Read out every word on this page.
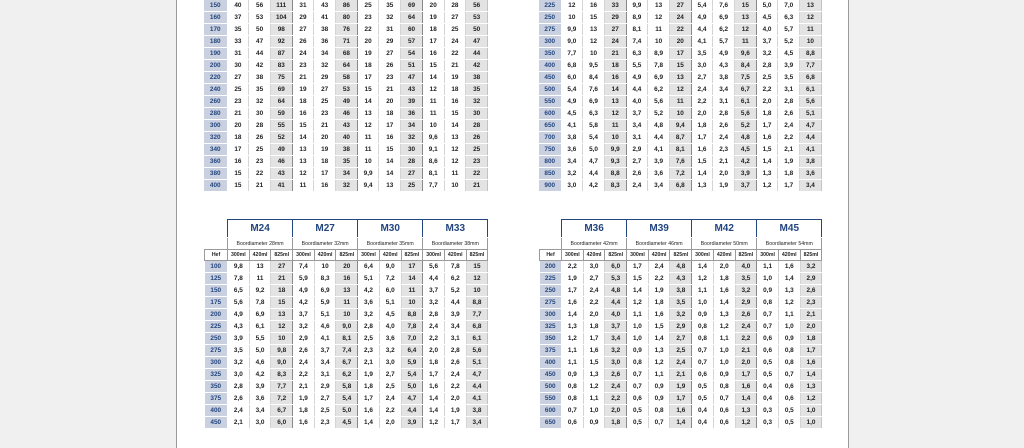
150	40	56	111	31	43	86	25	35	69	20	28	56
160	37	53	104	29	41	80	23	32	64	19	27	53
170	35	50	98	27	38	76	22	31	60	18	25	50
180	33	47	92	26	36	71	20	29	57	17	24	47
190	31	44	87	24	34	68	19	27	54	16	22	44
200	30	42	83	23	32	64	18	26	51	15	21	42
220	27	38	75	21	29	58	17	23	47	14	19	38
240	25	35	69	19	27	53	15	21	43	12	18	35
260	23	32	64	18	25	49	14	20	39	11	16	32
280	21	30	59	16	23	46	13	18	36	11	15	30
300	20	28	55	15	21	43	12	17	34	10	14	28
320	18	26	52	14	20	40	11	16	32	9,6	13	26
340	17	25	49	13	19	38	11	15	30	9,1	12	25
360	16	23	46	13	18	35	10	14	28	8,6	12	23
380	15	22	43	12	17	34	9,9	14	27	8,1	11	22
400	15	21	41	11	16	32	9,4	13	25	7,7	10	21

225	12	16	33	9,9	13	27	5,4	7,6	15	5,0	7,0	13
250	10	15	29	8,9	12	24	4,9	6,9	13	4,5	6,3	12
275	9,9	13	27	8,1	11	22	4,4	6,2	12	4,0	5,7	11
300	9,0	12	24	7,4	10	20	4,1	5,7	11	3,7	5,2	10
350	7,7	10	21	6,3	8,9	17	3,5	4,9	9,6	3,2	4,5	8,8
400	6,8	9,5	18	5,5	7,8	15	3,0	4,3	8,4	2,8	3,9	7,7
450	6,0	8,4	16	4,9	6,9	13	2,7	3,8	7,5	2,5	3,5	6,8
500	5,4	7,6	14	4,4	6,2	12	2,4	3,4	6,7	2,2	3,1	6,1
550	4,9	6,9	13	4,0	5,6	11	2,2	3,1	6,1	2,0	2,8	5,6
600	4,5	6,3	12	3,7	5,2	10	2,0	2,8	5,6	1,8	2,6	5,1
650	4,1	5,8	11	3,4	4,8	9,4	1,8	2,6	5,2	1,7	2,4	4,7
700	3,8	5,4	10	3,1	4,4	8,7	1,7	2,4	4,8	1,6	2,2	4,4
750	3,6	5,0	9,9	2,9	4,1	8,1	1,6	2,3	4,5	1,5	2,1	4,1
800	3,4	4,7	9,3	2,7	3,9	7,6	1,5	2,1	4,2	1,4	1,9	3,8
850	3,2	4,4	8,8	2,6	3,6	7,2	1,4	2,0	3,9	1,3	1,8	3,6
900	3,0	4,2	8,3	2,4	3,4	6,8	1,3	1,9	3,7	1,2	1,7	3,4
	M24			M27			M30			M33		
	Boordiameter 28mm			Boordiameter 32mm			Boordiameter 35mm			Boordiameter 38mm		
Hef	300ml	420ml	825ml	300ml	420ml	825ml	300ml	420ml	825ml	300ml	420ml	825ml
100	9,8	13	27	7,4	10	20	6,4	9,0	17	5,6	7,8	15
125	7,8	11	21	5,9	8,3	16	5,1	7,2	14	4,4	6,2	12
150	6,5	9,2	18	4,9	6,9	13	4,2	6,0	11	3,7	5,2	10
175	5,6	7,8	15	4,2	5,9	11	3,6	5,1	10	3,2	4,4	8,8
200	4,9	6,9	13	3,7	5,1	10	3,2	4,5	8,8	2,8	3,9	7,7
225	4,3	6,1	12	3,2	4,6	9,0	2,8	4,0	7,8	2,4	3,4	6,8
250	3,9	5,5	10	2,9	4,1	8,1	2,5	3,6	7,0	2,2	3,1	6,1
275	3,5	5,0	9,8	2,6	3,7	7,4	2,3	3,2	6,4	2,0	2,8	5,6
300	3,2	4,6	9,0	2,4	3,4	6,7	2,1	3,0	5,9	1,8	2,6	5,1
325	3,0	4,2	8,3	2,2	3,1	6,2	1,9	2,7	5,4	1,7	2,4	4,7
350	2,8	3,9	7,7	2,1	2,9	5,8	1,8	2,5	5,0	1,6	2,2	4,4
375	2,6	3,6	7,2	1,9	2,7	5,4	1,7	2,4	4,7	1,4	2,0	4,1
400	2,4	3,4	6,7	1,8	2,5	5,0	1,6	2,2	4,4	1,4	1,9	3,8
450	2,1	3,0	6,0	1,6	2,3	4,5	1,4	2,0	3,9	1,2	1,7	3,4
	M36			M39			M42			M45		
	Boordiameter 42mm			Boordiameter 46mm			Boordiameter 50mm			Boordiameter 54mm		
Hef	300ml	420ml	825ml	300ml	420ml	825ml	300ml	420ml	825ml	300ml	420ml	825ml
200	2,2	3,0	6,0	1,7	2,4	4,8	1,4	2,0	4,0	1,1	1,6	3,2
225	1,9	2,7	5,3	1,5	2,2	4,3	1,2	1,8	3,5	1,0	1,4	2,9
250	1,7	2,4	4,8	1,4	1,9	3,8	1,1	1,6	3,2	0,9	1,3	2,6
275	1,6	2,2	4,4	1,2	1,8	3,5	1,0	1,4	2,9	0,8	1,2	2,3
300	1,4	2,0	4,0	1,1	1,6	3,2	0,9	1,3	2,6	0,7	1,1	2,1
325	1,3	1,8	3,7	1,0	1,5	2,9	0,8	1,2	2,4	0,7	1,0	2,0
350	1,2	1,7	3,4	1,0	1,4	2,7	0,8	1,1	2,2	0,6	0,9	1,8
375	1,1	1,6	3,2	0,9	1,3	2,5	0,7	1,0	2,1	0,6	0,8	1,7
400	1,1	1,5	3,0	0,8	1,2	2,4	0,7	1,0	2,0	0,5	0,8	1,6
450	0,9	1,3	2,6	0,7	1,1	2,1	0,6	0,9	1,7	0,5	0,7	1,4
500	0,8	1,2	2,4	0,7	0,9	1,9	0,5	0,8	1,6	0,4	0,6	1,3
550	0,8	1,1	2,2	0,6	0,9	1,7	0,5	0,7	1,4	0,4	0,6	1,2
600	0,7	1,0	2,0	0,5	0,8	1,6	0,4	0,6	1,3	0,3	0,5	1,0
650	0,6	0,9	1,8	0,5	0,7	1,4	0,4	0,6	1,2	0,3	0,5	1,0
